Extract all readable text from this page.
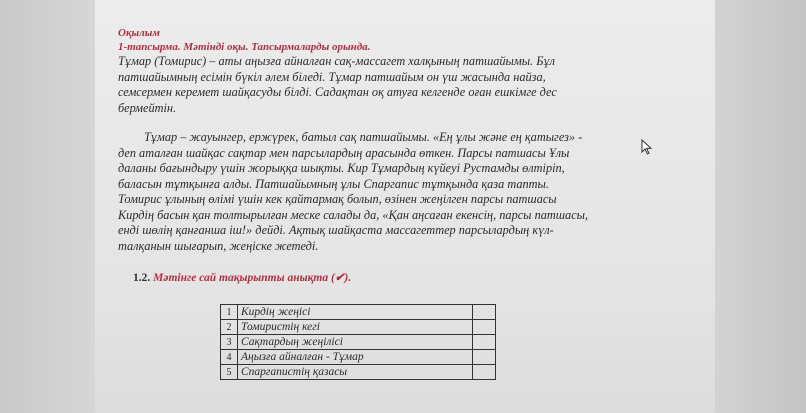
Оқылым
1-тапсырма. Мәтінді оқы. Тапсырмаларды орында.
Тұмар (Томирис) – аты аңызға айналған сақ-массагет халқының патшайымы. Бұл
патшайымның есімін бүкіл әлем біледі. Тұмар патшайым он үш жасында найза,
семсермен керемет шайқасуды білді. Садақтан оқ атуға келгенде оған ешкімге дес
бермейтін.
Тұмар – жауынгер, ержүрек, батыл сақ патшайымы. «Ең ұлы және ең қатыгез» -
деп аталған шайқас сақтар мен парсылардың арасында өткен. Парсы патшасы Ұлы
даланы бағындыру үшін жорыққа шықты. Кир Тұмардың күйеуі Рустамды өлтіріп,
баласын тұтқынға алды. Патшайымның ұлы Спаргапис тұтқында қаза тапты.
Томирис ұлының өлімі үшін кек қайтармақ болып, өзінен жеңілген парсы патшасы
Кирдің басын қан толтырылған меске салады да, «Қан аңсаған екенсің, парсы патшасы,
енді шөлің қанғанша іш!» дейді. Ақтық шайқаста массагеттер парсылардың күл-
талқанын шығарып, жеңіске жетеді.
1.2. Мәтінге сай тақырыпты анықта (✔).
1	Кирдің жеңісі	
2	Томиристің кегі	
3	Сақтардың жеңілісі	
4	Аңызға айналған - Тұмар	
5	Спаргапистің қазасы	
